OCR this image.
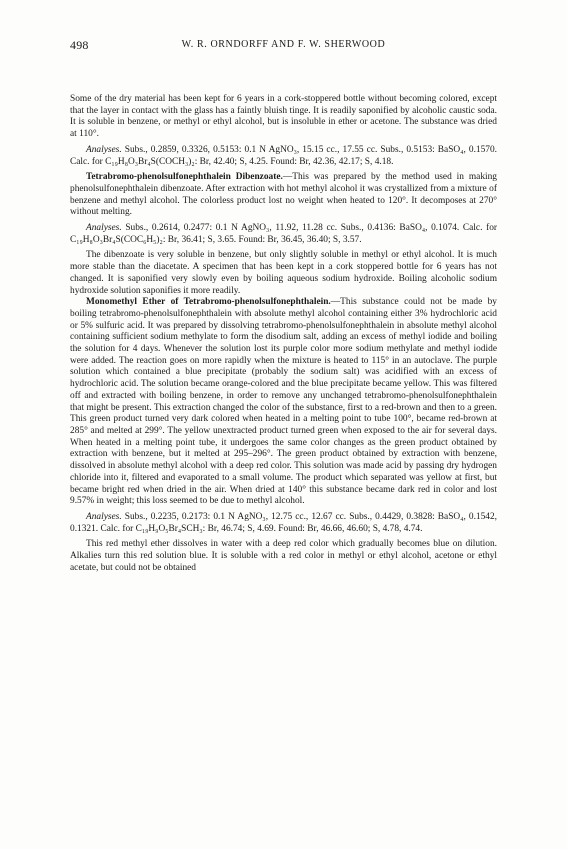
498	W. R. ORNDORFF AND F. W. SHERWOOD

Some of the dry material has been kept for 6 years in a cork-stoppered bottle without becoming colored, except that the layer in contact with the glass has a faintly bluish tinge. It is readily saponified by alcoholic caustic soda. It is soluble in benzene, or methyl or ethyl alcohol, but is insoluble in ether or acetone. The substance was dried at 110°.

Analyses. Subs., 0.2859, 0.3326, 0.5153: 0.1 N AgNO₃, 15.15 cc., 17.55 cc. Subs., 0.5153: BaSO₄, 0.1570. Calc. for C₁₉H₈O₃Br₄S(COCH₃)₂: Br, 42.40; S, 4.25. Found: Br, 42.36, 42.17; S, 4.18.

Tetrabromo-phenolsulfonephthalein Dibenzoate.—This was prepared by the method used in making phenolsulfonephthalein dibenzoate. After extraction with hot methyl alcohol it was crystallized from a mixture of benzene and methyl alcohol. The colorless product lost no weight when heated to 120°. It decomposes at 270° without melting.

Analyses. Subs., 0.2614, 0.2477: 0.1 N AgNO₃, 11.92, 11.28 cc. Subs., 0.4136: BaSO₄, 0.1074. Calc. for C₁₉H₈O₃Br₄S(COC₆H₅)₂: Br, 36.41; S, 3.65. Found: Br, 36.45, 36.40; S, 3.57.

The dibenzoate is very soluble in benzene, but only slightly soluble in methyl or ethyl alcohol. It is much more stable than the diacetate. A specimen that has been kept in a cork stoppered bottle for 6 years has not changed. It is saponified very slowly even by boiling aqueous sodium hydroxide. Boiling alcoholic sodium hydroxide solution saponifies it more readily.

Monomethyl Ether of Tetrabromo-phenolsulfonephthalein.—This substance could not be made by boiling tetrabromo-phenolsulfonephthalein with absolute methyl alcohol containing either 3% hydrochloric acid or 5% sulfuric acid. It was prepared by dissolving tetrabromo-phenolsulfonephthalein in absolute methyl alcohol containing sufficient sodium methylate to form the disodium salt, adding an excess of methyl iodide and boiling the solution for 4 days. Whenever the solution lost its purple color more sodium methylate and methyl iodide were added. The reaction goes on more rapidly when the mixture is heated to 115° in an autoclave. The purple solution which contained a blue precipitate (probably the sodium salt) was acidified with an excess of hydrochloric acid. The solution became orange-colored and the blue precipitate became yellow. This was filtered off and extracted with boiling benzene, in order to remove any unchanged tetrabromo-phenolsulfonephthalein that might be present. This extraction changed the color of the substance, first to a red-brown and then to a green. This green product turned very dark colored when heated in a melting point to tube 100°, became red-brown at 285° and melted at 299°. The yellow unextracted product turned green when exposed to the air for several days. When heated in a melting point tube, it undergoes the same color changes as the green product obtained by extraction with benzene, but it melted at 295–296°. The green product obtained by extraction with benzene, dissolved in absolute methyl alcohol with a deep red color. This solution was made acid by passing dry hydrogen chloride into it, filtered and evaporated to a small volume. The product which separated was yellow at first, but became bright red when dried in the air. When dried at 140° this substance became dark red in color and lost 9.57% in weight; this loss seemed to be due to methyl alcohol.

Analyses. Subs., 0.2235, 0.2173: 0.1 N AgNO₃, 12.75 cc., 12.67 cc. Subs., 0.4429, 0.3828: BaSO₄, 0.1542, 0.1321. Calc. for C₁₉H₉O₅Br₄SCH₃: Br, 46.74; S, 4.69. Found: Br, 46.66, 46.60; S, 4.78, 4.74.

This red methyl ether dissolves in water with a deep red color which gradually becomes blue on dilution. Alkalies turn this red solution blue. It is soluble with a red color in methyl or ethyl alcohol, acetone or ethyl acetate, but could not be obtained
